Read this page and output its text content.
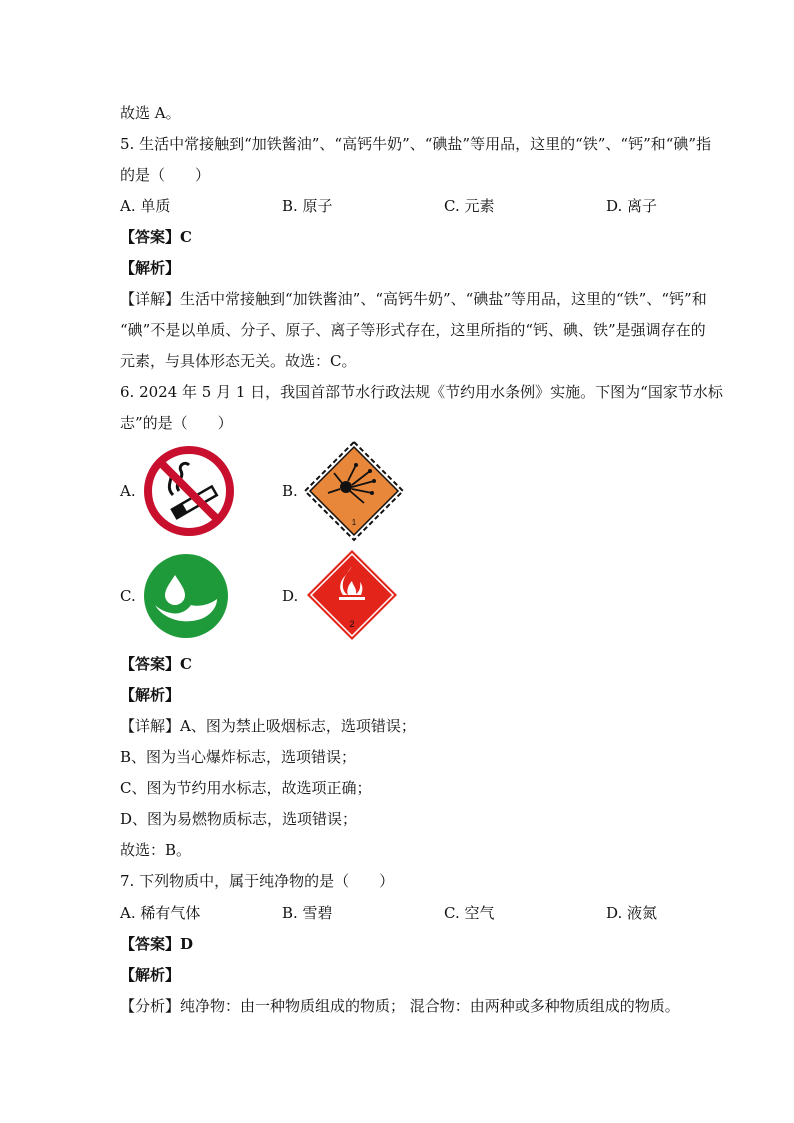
故选 A。
5. 生活中常接触到“加铁酱油”、“高钙牛奶”、“碘盐”等用品，这里的“铁”、“钙”和“碘”指
的是（　　）
A. 单质	B. 原子	C. 元素	D. 离子
【答案】C
【解析】
【详解】生活中常接触到“加铁酱油”、“高钙牛奶”、“碘盐”等用品，这里的“铁”、“钙”和
“碘”不是以单质、分子、原子、离子等形式存在，这里所指的“钙、碘、铁”是强调存在的
元素，与具体形态无关。故选：C。
6. 2024 年 5 月 1 日，我国首部节水行政法规《节约用水条例》实施。下图为“国家节水标
志”的是（　　）
A.	B.
1
C.	D.
2
【答案】C
【解析】
【详解】A、图为禁止吸烟标志，选项错误；
B、图为当心爆炸标志，选项错误；
C、图为节约用水标志，故选项正确；
D、图为易燃物质标志，选项错误；
故选：B。
7. 下列物质中，属于纯净物的是（　　）
A. 稀有气体	B. 雪碧	C. 空气	D. 液氮
【答案】D
【解析】
【分析】纯净物：由一种物质组成的物质； 混合物：由两种或多种物质组成的物质。
